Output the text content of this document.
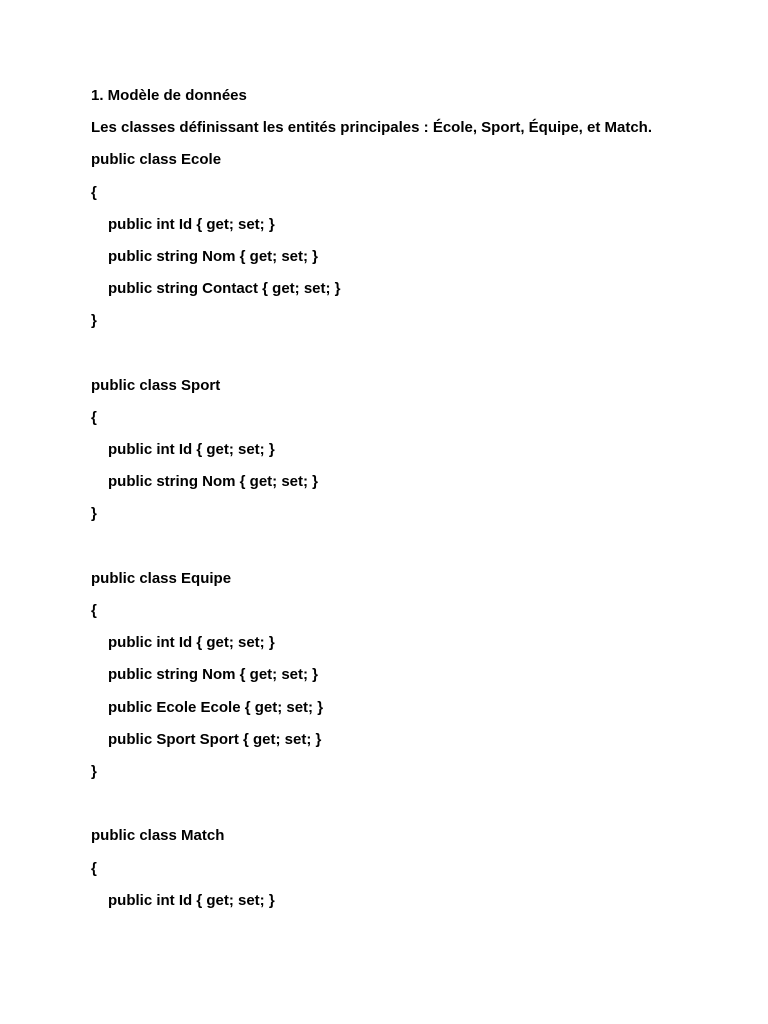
1. Modèle de données
Les classes définissant les entités principales : École, Sport, Équipe, et Match.
public class Ecole
{
public int Id { get; set; }
public string Nom { get; set; }
public string Contact { get; set; }
}
public class Sport
{
public int Id { get; set; }
public string Nom { get; set; }
}
public class Equipe
{
public int Id { get; set; }
public string Nom { get; set; }
public Ecole Ecole { get; set; }
public Sport Sport { get; set; }
}
public class Match
{
public int Id { get; set; }
